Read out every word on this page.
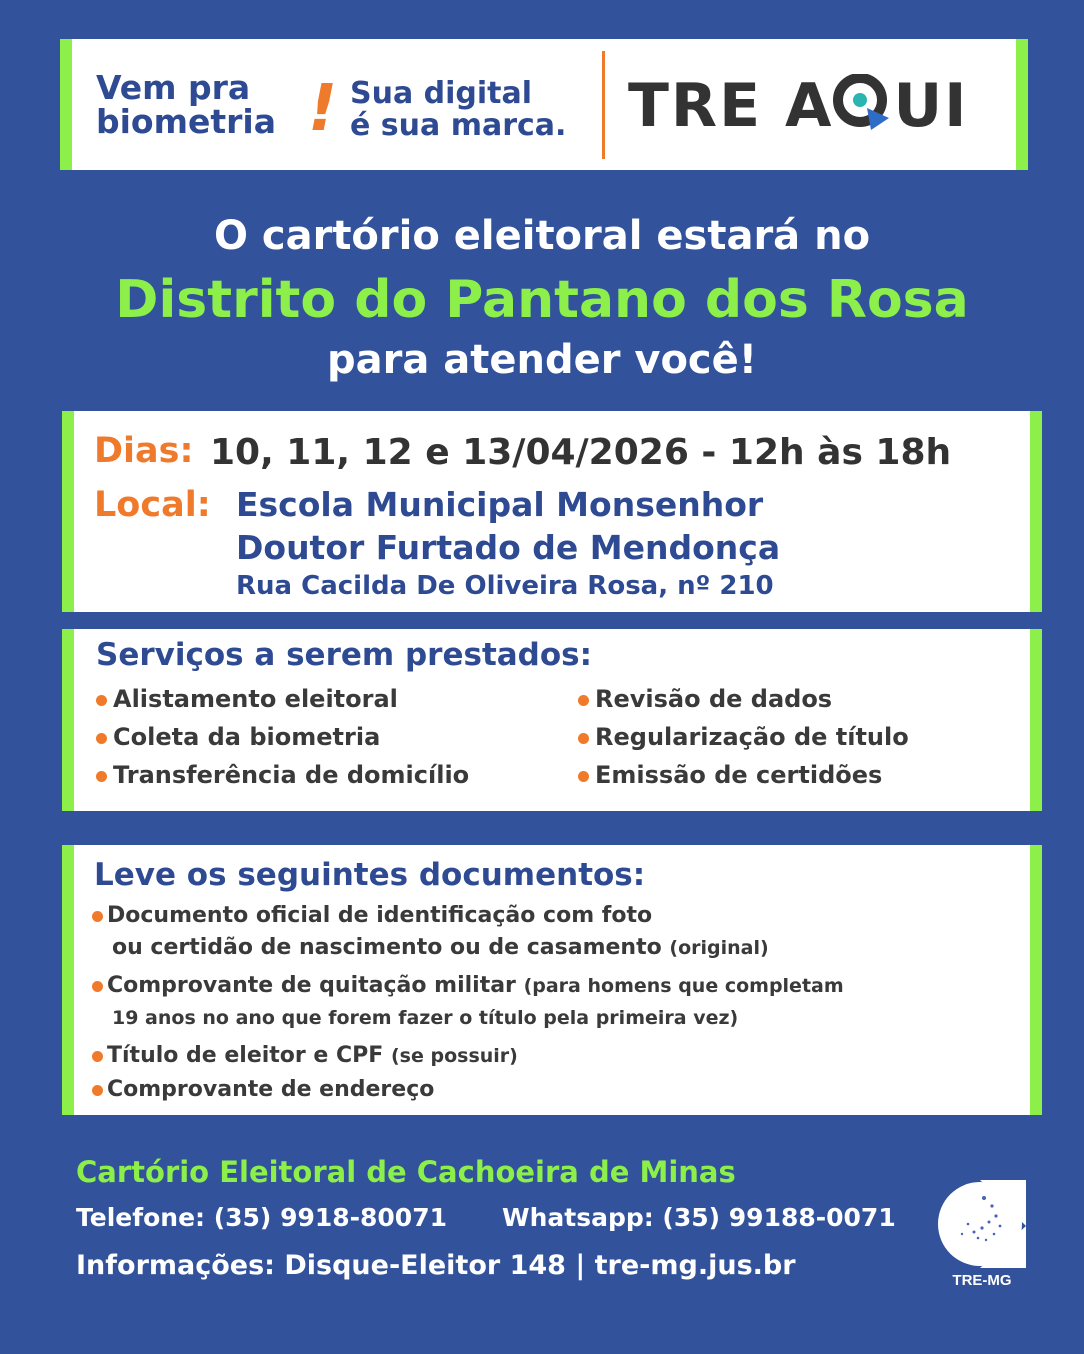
Vem pra
biometria ! Sua digital
é sua marca. TRE A UI
O cartório eleitoral estará no
Distrito do Pantano dos Rosa
para atender você!
Dias: 10, 11, 12 e 13/04/2026 - 12h às 18h
Local: Escola Municipal Monsenhor
Doutor Furtado de Mendonça
Rua Cacilda De Oliveira Rosa, nº 210
Serviços a serem prestados:
Alistamento eleitoral
Coleta da biometria
Transferência de domicílio
Revisão de dados
Regularização de título
Emissão de certidões
Leve os seguintes documentos:
Documento oficial de identificação com foto
ou certidão de nascimento ou de casamento (original)
Comprovante de quitação militar (para homens que completam
19 anos no ano que forem fazer o título pela primeira vez)
Título de eleitor e CPF (se possuir)
Comprovante de endereço
Cartório Eleitoral de Cachoeira de Minas
Telefone: (35) 9918-80071 Whatsapp: (35) 99188-0071
Informações: Disque-Eleitor 148 | tre-mg.jus.br	TRE-MG
